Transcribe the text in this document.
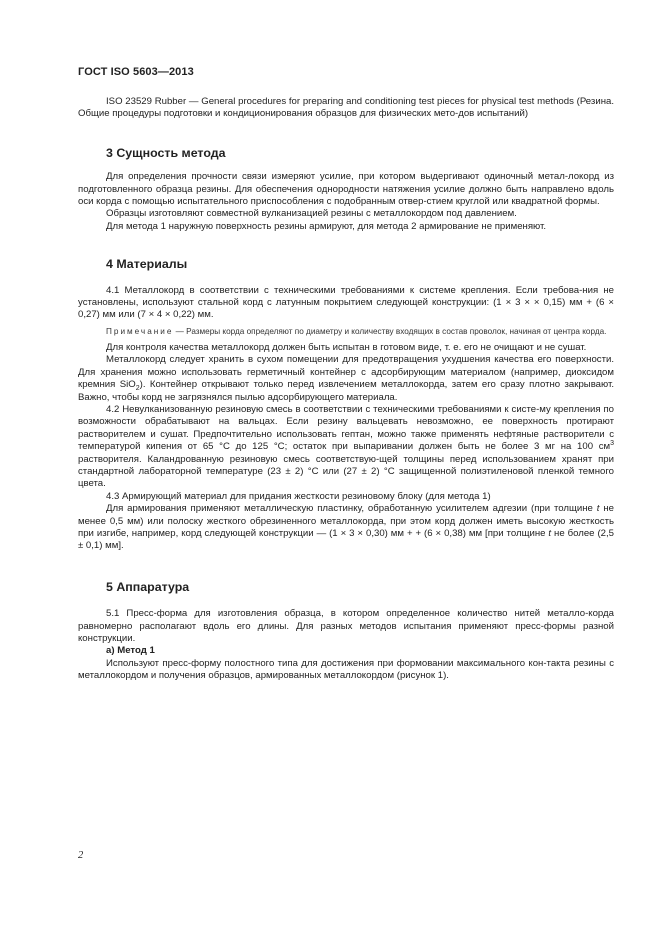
ГОСТ ISO 5603—2013

ISO 23529 Rubber — General procedures for preparing and conditioning test pieces for physical test methods (Резина. Общие процедуры подготовки и кондиционирования образцов для физических мето-дов испытаний)

3 Сущность метода

Для определения прочности связи измеряют усилие, при котором выдергивают одиночный метал-локорд из подготовленного образца резины. Для обеспечения однородности натяжения усилие должно быть направлено вдоль оси корда с помощью испытательного приспособления с подобранным отвер-стием круглой или квадратной формы.

Образцы изготовляют совместной вулканизацией резины с металлокордом под давлением.

Для метода 1 наружную поверхность резины армируют, для метода 2 армирование не применяют.

4 Материалы

4.1 Металлокорд в соответствии с техническими требованиями к системе крепления. Если требова-ния не установлены, используют стальной корд с латунным покрытием следующей конструкции: (1 × 3 × × 0,15) мм + (6 × 0,27) мм или (7 × 4 × 0,22) мм.

Примечание — Размеры корда определяют по диаметру и количеству входящих в состав проволок, начиная от центра корда.

Для контроля качества металлокорд должен быть испытан в готовом виде, т. е. его не очищают и не сушат.

Металлокорд следует хранить в сухом помещении для предотвращения ухудшения качества его поверхности. Для хранения можно использовать герметичный контейнер с адсорбирующим материалом (например, диоксидом кремния SiO$_2$). Контейнер открывают только перед извлечением металлокорда, затем его сразу плотно закрывают. Важно, чтобы корд не загрязнялся пылью адсорбирующего материала.

4.2 Невулканизованную резиновую смесь в соответствии с техническими требованиями к систе-му крепления по возможности обрабатывают на вальцах. Если резину вальцевать невозможно, ее поверхность протирают растворителем и сушат. Предпочтительно использовать гептан, можно также применять нефтяные растворители с температурой кипения от 65 °С до 125 °С; остаток при выпаривании должен быть не более 3 мг на 100 $см^3$ растворителя. Каландрованную резиновую смесь соответствую-щей толщины перед использованием хранят при стандартной лабораторной температуре (23 ± 2) °С или (27 ± 2) °С защищенной полиэтиленовой пленкой темного цвета.

4.3 Армирующий материал для придания жесткости резиновому блоку (для метода 1)

Для армирования применяют металлическую пластинку, обработанную усилителем адгезии (при толщине t не менее 0,5 мм) или полоску жесткого обрезиненного металлокорда, при этом корд должен иметь высокую жесткость при изгибе, например, корд следующей конструкции — (1 × 3 × 0,30) мм + + (6 × 0,38) мм [при толщине t не более (2,5 ± 0,1) мм].

5 Аппаратура

5.1 Пресс-форма для изготовления образца, в котором определенное количество нитей металло-корда равномерно располагают вдоль его длины. Для разных методов испытания применяют пресс-формы разной конструкции.

а) Метод 1

Используют пресс-форму полостного типа для достижения при формовании максимального кон-такта резины с металлокордом и получения образцов, армированных металлокордом (рисунок 1).

2
